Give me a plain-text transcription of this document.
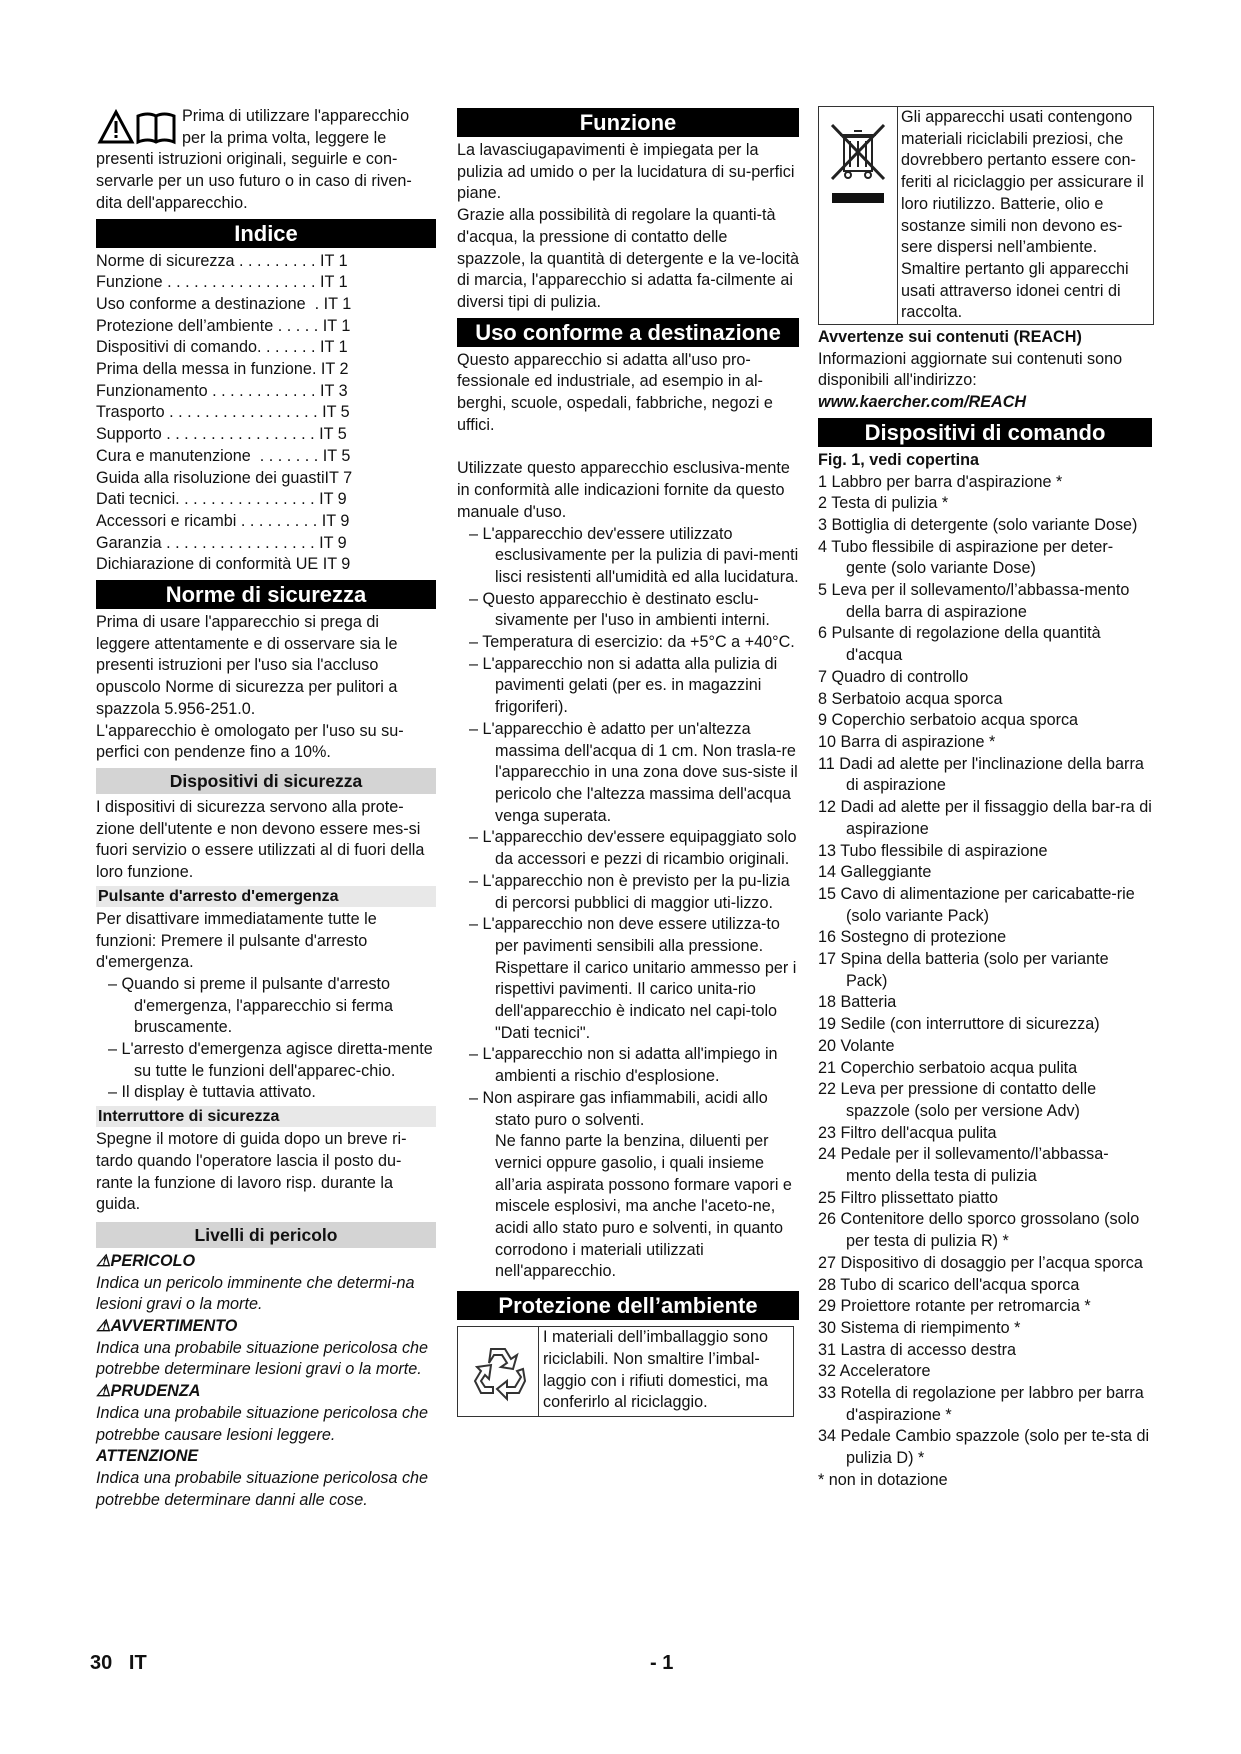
Prima di utilizzare l'apparecchio

per la prima volta, leggere le

presenti istruzioni originali, seguirle e con-servarle per un uso futuro o in caso di riven-dita dell'apparecchio.

Indice

Norme di sicurezza . . . . . . . . . IT 1

Funzione . . . . . . . . . . . . . . . . . IT 1

Uso conforme a destinazione  . IT 1

Protezione dell’ambiente . . . . . IT 1

Dispositivi di comando. . . . . . . IT 1

Prima della messa in funzione. IT 2

Funzionamento . . . . . . . . . . . . IT 3

Trasporto . . . . . . . . . . . . . . . . . IT 5

Supporto . . . . . . . . . . . . . . . . . IT 5

Cura e manutenzione  . . . . . . . IT 5

Guida alla risoluzione dei guastiIT 7

Dati tecnici. . . . . . . . . . . . . . . . IT 9

Accessori e ricambi . . . . . . . . . IT 9

Garanzia . . . . . . . . . . . . . . . . . IT 9

Dichiarazione di conformità UE IT 9

Norme di sicurezza

Prima di usare l'apparecchio si prega di leggere attentamente e di osservare sia le presenti istruzioni per l'uso sia l'accluso opuscolo Norme di sicurezza per pulitori a spazzola 5.956-251.0.

L'apparecchio è omologato per l'uso su su-perfici con pendenze fino a 10%.

Dispositivi di sicurezza

I dispositivi di sicurezza servono alla prote-zione dell'utente e non devono essere mes-si fuori servizio o essere utilizzati al di fuori della loro funzione.

Pulsante d'arresto d'emergenza

Per disattivare immediatamente tutte le funzioni: Premere il pulsante d'arresto d'emergenza.

– Quando si preme il pulsante d'arresto d'emergenza, l'apparecchio si ferma bruscamente.

– L'arresto d'emergenza agisce diretta-mente su tutte le funzioni dell'apparec-chio.

– Il display è tuttavia attivato.

Interruttore di sicurezza

Spegne il motore di guida dopo un breve ri-tardo quando l'operatore lascia il posto du-rante la funzione di lavoro risp. durante la guida.

Livelli di pericolo

⚠PERICOLO

Indica un pericolo imminente che determi-na lesioni gravi o la morte.

⚠AVVERTIMENTO

Indica una probabile situazione pericolosa che potrebbe determinare lesioni gravi o la morte.

⚠PRUDENZA

Indica una probabile situazione pericolosa che potrebbe causare lesioni leggere.

ATTENZIONE

Indica una probabile situazione pericolosa che potrebbe determinare danni alle cose.

Funzione

La lavasciugapavimenti è impiegata per la pulizia ad umido o per la lucidatura di su-perfici piane.

Grazie alla possibilità di regolare la quanti-tà d'acqua, la pressione di contatto delle spazzole, la quantità di detergente e la ve-locità di marcia, l'apparecchio si adatta fa-cilmente ai diversi tipi di pulizia.

Uso conforme a destinazione

Questo apparecchio si adatta all'uso pro-fessionale ed industriale, ad esempio in al-berghi, scuole, ospedali, fabbriche, negozi e uffici.

Utilizzate questo apparecchio esclusiva-mente in conformità alle indicazioni fornite da questo manuale d'uso.

– L'apparecchio dev'essere utilizzato esclusivamente per la pulizia di pavi-menti lisci resistenti all'umidità ed alla lucidatura.

– Questo apparecchio è destinato esclu-sivamente per l'uso in ambienti interni.

– Temperatura di esercizio: da +5°C a +40°C.

– L'apparecchio non si adatta alla pulizia di pavimenti gelati (per es. in magazzini frigoriferi).

– L'apparecchio è adatto per un'altezza massima dell'acqua di 1 cm. Non trasla-re l'apparecchio in una zona dove sus-siste il pericolo che l'altezza massima dell'acqua venga superata.

– L'apparecchio dev'essere equipaggiato solo da accessori e pezzi di ricambio originali.

– L'apparecchio non è previsto per la pu-lizia di percorsi pubblici di maggior uti-lizzo.

– L'apparecchio non deve essere utilizza-to per pavimenti sensibili alla pressione. Rispettare il carico unitario ammesso per i rispettivi pavimenti. Il carico unita-rio dell'apparecchio è indicato nel capi-tolo "Dati tecnici".

– L'apparecchio non si adatta all'impiego in ambienti a rischio d'esplosione.

– Non aspirare gas infiammabili, acidi allo stato puro o solventi.

Ne fanno parte la benzina, diluenti per vernici oppure gasolio, i quali insieme all’aria aspirata possono formare vapori e miscele esplosivi, ma anche l'aceto-ne, acidi allo stato puro e solventi, in quanto corrodono i materiali utilizzati nell'apparecchio.

Protezione dell’ambiente
I materiali dell’imballaggio sono riciclabili. Non smaltire l’imbal-laggio con i rifiuti domestici, ma conferirlo al riciclaggio.
Gli apparecchi usati contengono materiali riciclabili preziosi, che dovrebbero pertanto essere con-feriti al riciclaggio per assicurare il loro riutilizzo. Batterie, olio e sostanze simili non devono es-sere dispersi nell’ambiente. Smaltire pertanto gli apparecchi usati attraverso idonei centri di raccolta.

Avvertenze sui contenuti (REACH)

Informazioni aggiornate sui contenuti sono disponibili all'indirizzo:

www.kaercher.com/REACH

Dispositivi di comando

Fig. 1, vedi copertina

1 Labbro per barra d'aspirazione *

2 Testa di pulizia *

3 Bottiglia di detergente (solo variante Dose)

4 Tubo flessibile di aspirazione per deter-gente (solo variante Dose)

5 Leva per il sollevamento/l’abbassa-mento della barra di aspirazione

6 Pulsante di regolazione della quantità d'acqua

7 Quadro di controllo

8 Serbatoio acqua sporca

9 Coperchio serbatoio acqua sporca

10 Barra di aspirazione *

11 Dadi ad alette per l'inclinazione della barra di aspirazione

12 Dadi ad alette per il fissaggio della bar-ra di aspirazione

13 Tubo flessibile di aspirazione

14 Galleggiante

15 Cavo di alimentazione per caricabatte-rie (solo variante Pack)

16 Sostegno di protezione

17 Spina della batteria (solo per variante Pack)

18 Batteria

19 Sedile (con interruttore di sicurezza)

20 Volante

21 Coperchio serbatoio acqua pulita

22 Leva per pressione di contatto delle spazzole (solo per versione Adv)

23 Filtro dell'acqua pulita

24 Pedale per il sollevamento/l’abbassa-mento della testa di pulizia

25 Filtro plissettato piatto

26 Contenitore dello sporco grossolano (solo per testa di pulizia R) *

27 Dispositivo di dosaggio per l’acqua sporca

28 Tubo di scarico dell'acqua sporca

29 Proiettore rotante per retromarcia *

30 Sistema di riempimento *

31 Lastra di accesso destra

32 Acceleratore

33 Rotella di regolazione per labbro per barra d'aspirazione *

34 Pedale Cambio spazzole (solo per te-sta di pulizia D) *

* non in dotazione

30 IT	- 1
